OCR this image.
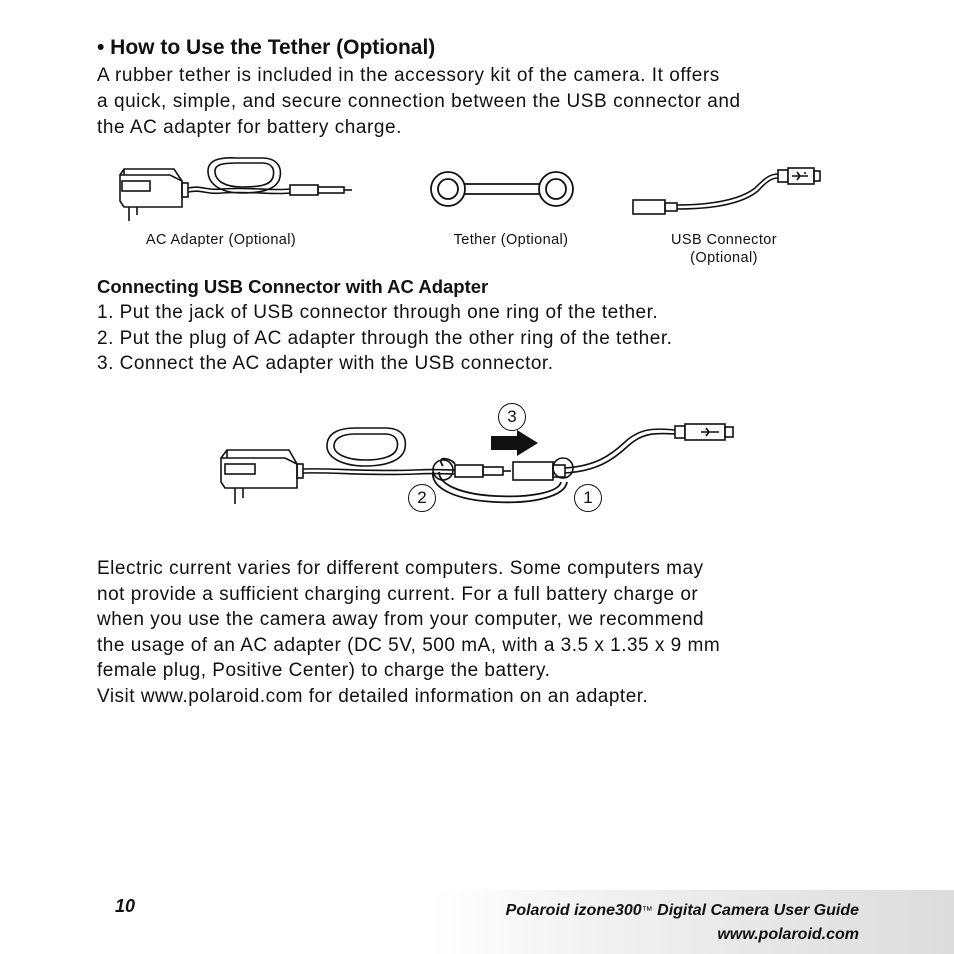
• How to Use the Tether (Optional)
A rubber tether is included in the accessory kit of the camera. It offers
a quick, simple, and secure connection between the USB connector and
the AC adapter for battery charge.
AC Adapter (Optional)	Tether (Optional)	USB Connector
(Optional)
Connecting USB Connector with AC Adapter
1. Put the jack of USB connector through one ring of the tether.
2. Put the plug of AC adapter through the other ring of the tether.
3. Connect the AC adapter with the USB connector.
3
2	1
Electric current varies for different computers. Some computers may
not provide a sufficient charging current. For a full battery charge or
when you use the camera away from your computer, we recommend
the usage of an AC adapter (DC 5V, 500 mA, with a 3.5 x 1.35 x 9 mm
female plug, Positive Center) to charge the battery.
Visit www.polaroid.com for detailed information on an adapter.
10	Polaroid izone300™ Digital Camera User Guide
www.polaroid.com
